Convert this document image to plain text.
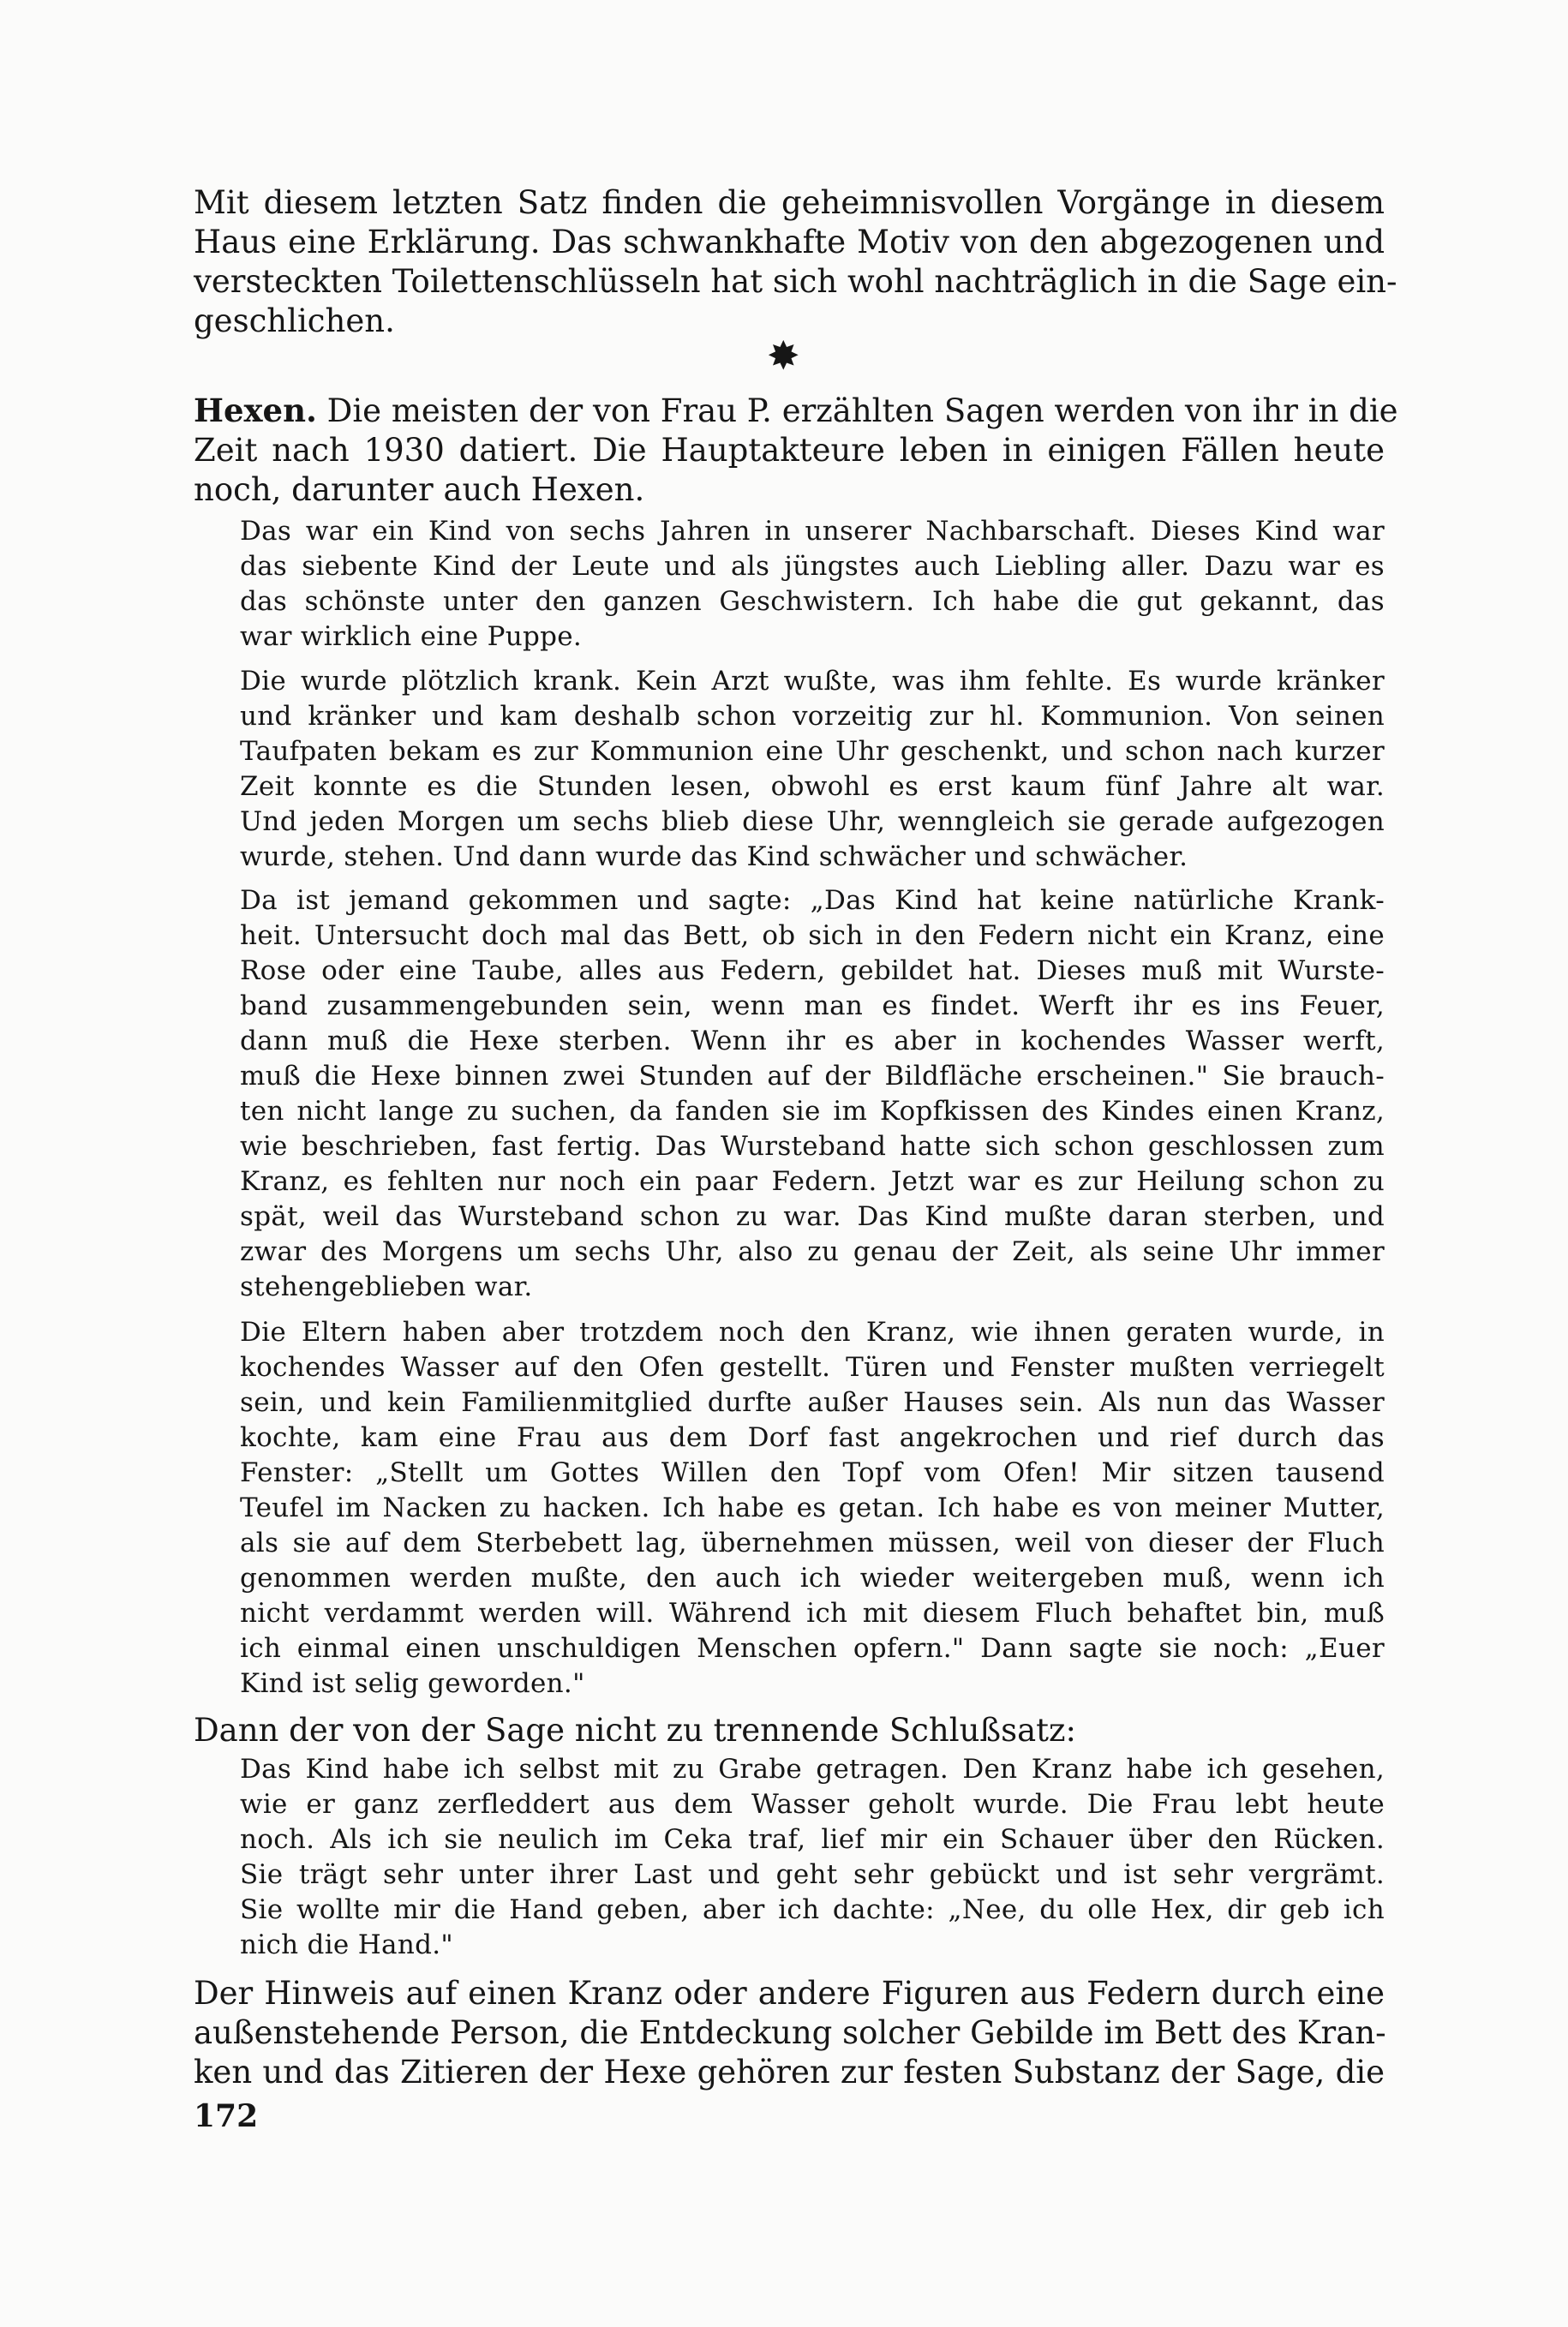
Mit diesem letzten Satz finden die geheimnisvollen Vorgänge in diesem

Haus eine Erklärung. Das schwankhafte Motiv von den abgezogenen und

versteckten Toilettenschlüsseln hat sich wohl nachträglich in die Sage ein-

geschlichen.

✸

Hexen. Die meisten der von Frau P. erzählten Sagen werden von ihr in die

Zeit nach 1930 datiert. Die Hauptakteure leben in einigen Fällen heute

noch, darunter auch Hexen.

Das war ein Kind von sechs Jahren in unserer Nachbarschaft. Dieses Kind war

das siebente Kind der Leute und als jüngstes auch Liebling aller. Dazu war es

das schönste unter den ganzen Geschwistern. Ich habe die gut gekannt, das

war wirklich eine Puppe.

Die wurde plötzlich krank. Kein Arzt wußte, was ihm fehlte. Es wurde kränker

und kränker und kam deshalb schon vorzeitig zur hl. Kommunion. Von seinen

Taufpaten bekam es zur Kommunion eine Uhr geschenkt, und schon nach kurzer

Zeit konnte es die Stunden lesen, obwohl es erst kaum fünf Jahre alt war.

Und jeden Morgen um sechs blieb diese Uhr, wenngleich sie gerade aufgezogen

wurde, stehen. Und dann wurde das Kind schwächer und schwächer.

Da ist jemand gekommen und sagte: „Das Kind hat keine natürliche Krank-

heit. Untersucht doch mal das Bett, ob sich in den Federn nicht ein Kranz, eine

Rose oder eine Taube, alles aus Federn, gebildet hat. Dieses muß mit Wurste-

band zusammengebunden sein, wenn man es findet. Werft ihr es ins Feuer,

dann muß die Hexe sterben. Wenn ihr es aber in kochendes Wasser werft,

muß die Hexe binnen zwei Stunden auf der Bildfläche erscheinen." Sie brauch-

ten nicht lange zu suchen, da fanden sie im Kopfkissen des Kindes einen Kranz,

wie beschrieben, fast fertig. Das Wursteband hatte sich schon geschlossen zum

Kranz, es fehlten nur noch ein paar Federn. Jetzt war es zur Heilung schon zu

spät, weil das Wursteband schon zu war. Das Kind mußte daran sterben, und

zwar des Morgens um sechs Uhr, also zu genau der Zeit, als seine Uhr immer

stehengeblieben war.

Die Eltern haben aber trotzdem noch den Kranz, wie ihnen geraten wurde, in

kochendes Wasser auf den Ofen gestellt. Türen und Fenster mußten verriegelt

sein, und kein Familienmitglied durfte außer Hauses sein. Als nun das Wasser

kochte, kam eine Frau aus dem Dorf fast angekrochen und rief durch das

Fenster: „Stellt um Gottes Willen den Topf vom Ofen! Mir sitzen tausend

Teufel im Nacken zu hacken. Ich habe es getan. Ich habe es von meiner Mutter,

als sie auf dem Sterbebett lag, übernehmen müssen, weil von dieser der Fluch

genommen werden mußte, den auch ich wieder weitergeben muß, wenn ich

nicht verdammt werden will. Während ich mit diesem Fluch behaftet bin, muß

ich einmal einen unschuldigen Menschen opfern." Dann sagte sie noch: „Euer

Kind ist selig geworden."

Dann der von der Sage nicht zu trennende Schlußsatz:

Das Kind habe ich selbst mit zu Grabe getragen. Den Kranz habe ich gesehen,

wie er ganz zerfleddert aus dem Wasser geholt wurde. Die Frau lebt heute

noch. Als ich sie neulich im Ceka traf, lief mir ein Schauer über den Rücken.

Sie trägt sehr unter ihrer Last und geht sehr gebückt und ist sehr vergrämt.

Sie wollte mir die Hand geben, aber ich dachte: „Nee, du olle Hex, dir geb ich

nich die Hand."

Der Hinweis auf einen Kranz oder andere Figuren aus Federn durch eine

außenstehende Person, die Entdeckung solcher Gebilde im Bett des Kran-

ken und das Zitieren der Hexe gehören zur festen Substanz der Sage, die

172
